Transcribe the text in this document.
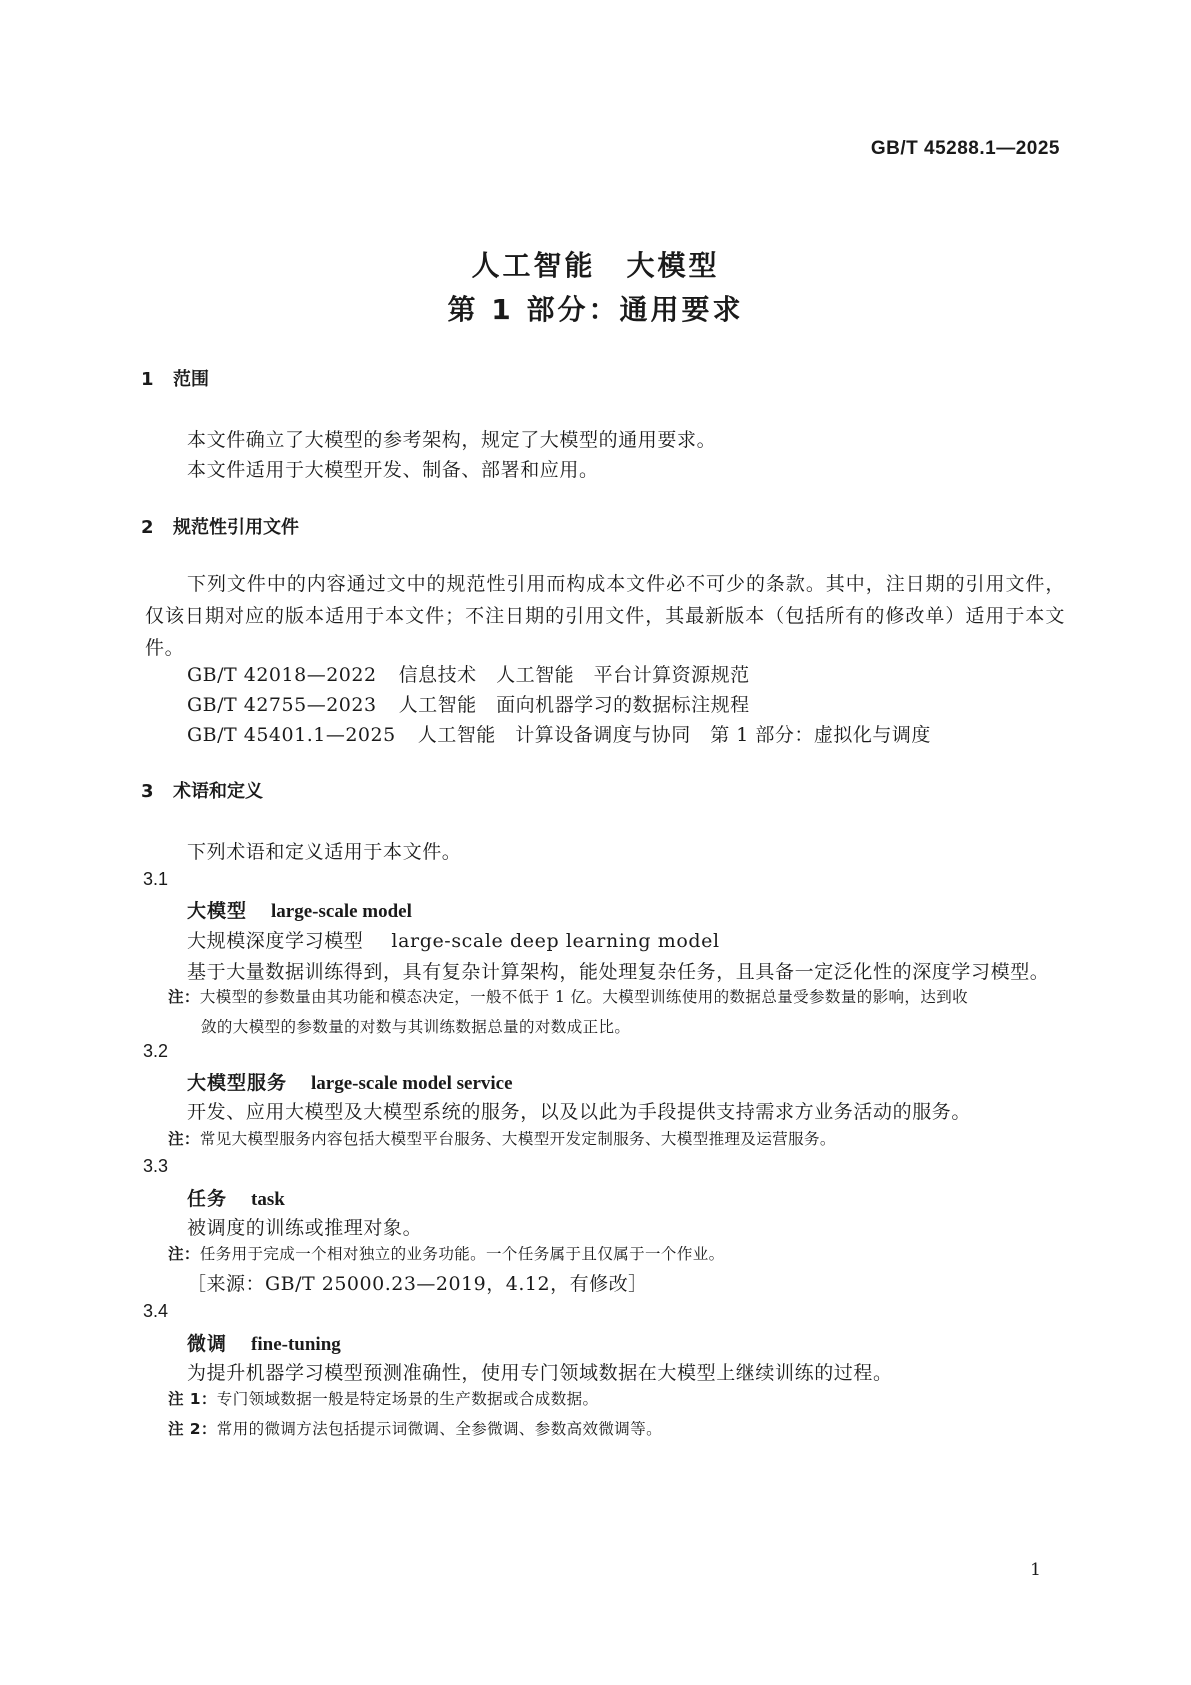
GB/T 45288.1—2025
人工智能　大模型
第 1 部分：通用要求
1 范围
本文件确立了大模型的参考架构，规定了大模型的通用要求。
本文件适用于大模型开发、制备、部署和应用。
2 规范性引用文件
下列文件中的内容通过文中的规范性引用而构成本文件必不可少的条款。其中，注日期的引用文件，仅该日期对应的版本适用于本文件；不注日期的引用文件，其最新版本（包括所有的修改单）适用于本文件。
GB/T 42018—2022 信息技术　人工智能　平台计算资源规范
GB/T 42755—2023 人工智能　面向机器学习的数据标注规程
GB/T 45401.1—2025 人工智能　计算设备调度与协同　第 1 部分：虚拟化与调度
3 术语和定义
下列术语和定义适用于本文件。
3.1
大模型 large-scale model
大规模深度学习模型 large-scale deep learning model
基于大量数据训练得到，具有复杂计算架构，能处理复杂任务，且具备一定泛化性的深度学习模型。
注：大模型的参数量由其功能和模态决定，一般不低于 1 亿。大模型训练使用的数据总量受参数量的影响，达到收
敛的大模型的参数量的对数与其训练数据总量的对数成正比。
3.2
大模型服务 large-scale model service
开发、应用大模型及大模型系统的服务，以及以此为手段提供支持需求方业务活动的服务。
注：常见大模型服务内容包括大模型平台服务、大模型开发定制服务、大模型推理及运营服务。
3.3
任务 task
被调度的训练或推理对象。
注：任务用于完成一个相对独立的业务功能。一个任务属于且仅属于一个作业。
［来源：GB/T 25000.23—2019，4.12，有修改］
3.4
微调 fine-tuning
为提升机器学习模型预测准确性，使用专门领域数据在大模型上继续训练的过程。
注 1：专门领域数据一般是特定场景的生产数据或合成数据。
注 2：常用的微调方法包括提示词微调、全参微调、参数高效微调等。
1
